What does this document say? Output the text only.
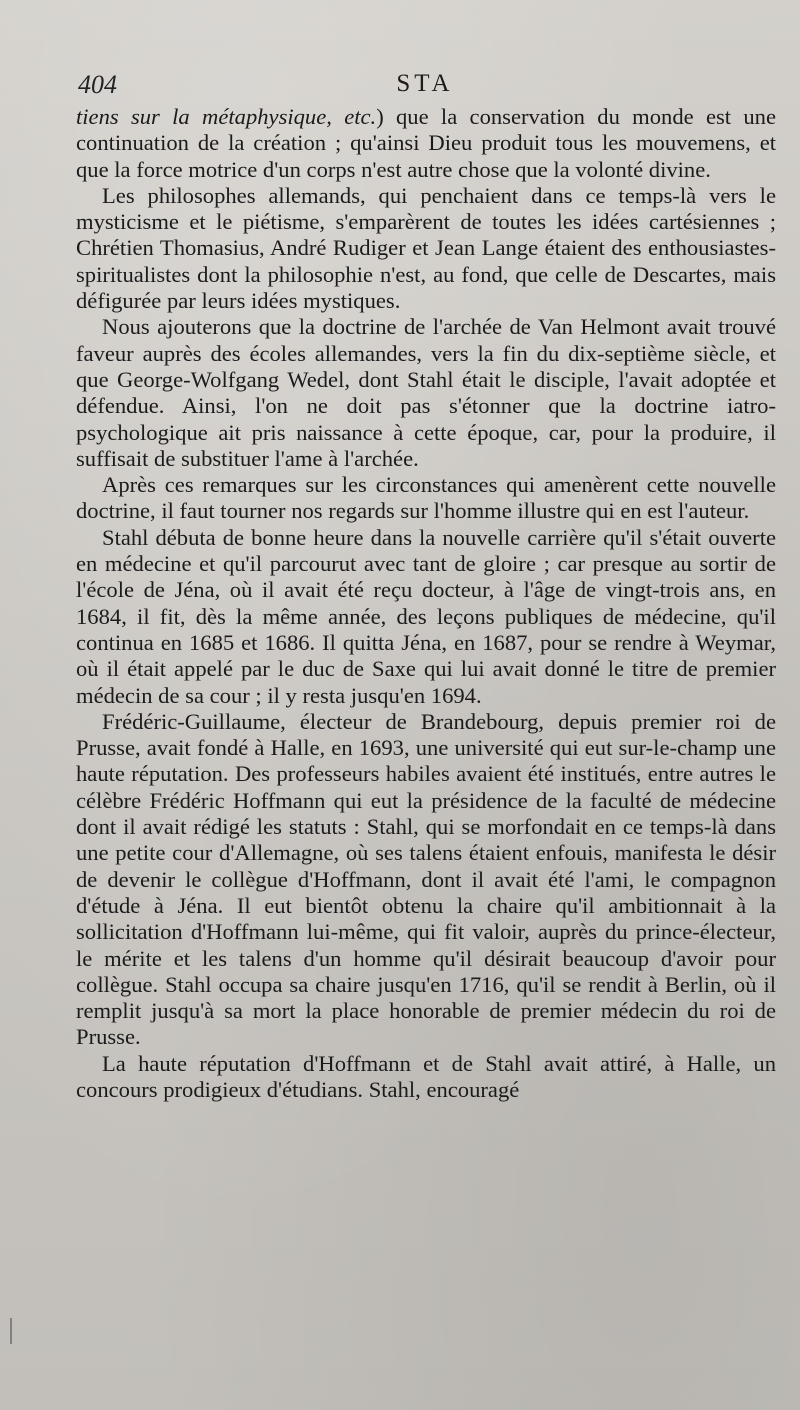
404	STA

tiens sur la métaphysique, etc.) que la conservation du monde est une continuation de la création ; qu'ainsi Dieu produit tous les mouvemens, et que la force motrice d'un corps n'est autre chose que la volonté divine.

Les philosophes allemands, qui penchaient dans ce temps-là vers le mysticisme et le piétisme, s'emparèrent de toutes les idées cartésiennes ; Chrétien Thomasius, André Rudiger et Jean Lange étaient des enthousiastes-spiritualistes dont la philosophie n'est, au fond, que celle de Descartes, mais défigurée par leurs idées mystiques.

Nous ajouterons que la doctrine de l'archée de Van Helmont avait trouvé faveur auprès des écoles allemandes, vers la fin du dix-septième siècle, et que George-Wolfgang Wedel, dont Stahl était le disciple, l'avait adoptée et défendue. Ainsi, l'on ne doit pas s'étonner que la doctrine iatro-psychologique ait pris naissance à cette époque, car, pour la produire, il suffisait de substituer l'ame à l'archée.

Après ces remarques sur les circonstances qui amenèrent cette nouvelle doctrine, il faut tourner nos regards sur l'homme illustre qui en est l'auteur.

Stahl débuta de bonne heure dans la nouvelle carrière qu'il s'était ouverte en médecine et qu'il parcourut avec tant de gloire ; car presque au sortir de l'école de Jéna, où il avait été reçu docteur, à l'âge de vingt-trois ans, en 1684, il fit, dès la même année, des leçons publiques de médecine, qu'il continua en 1685 et 1686. Il quitta Jéna, en 1687, pour se rendre à Weymar, où il était appelé par le duc de Saxe qui lui avait donné le titre de premier médecin de sa cour ; il y resta jusqu'en 1694.

Frédéric-Guillaume, électeur de Brandebourg, depuis premier roi de Prusse, avait fondé à Halle, en 1693, une université qui eut sur-le-champ une haute réputation. Des professeurs habiles avaient été institués, entre autres le célèbre Frédéric Hoffmann qui eut la présidence de la faculté de médecine dont il avait rédigé les statuts : Stahl, qui se morfondait en ce temps-là dans une petite cour d'Allemagne, où ses talens étaient enfouis, manifesta le désir de devenir le collègue d'Hoffmann, dont il avait été l'ami, le compagnon d'étude à Jéna. Il eut bientôt obtenu la chaire qu'il ambitionnait à la sollicitation d'Hoffmann lui-même, qui fit valoir, auprès du prince-électeur, le mérite et les talens d'un homme qu'il désirait beaucoup d'avoir pour collègue. Stahl occupa sa chaire jusqu'en 1716, qu'il se rendit à Berlin, où il remplit jusqu'à sa mort la place honorable de premier médecin du roi de Prusse.

La haute réputation d'Hoffmann et de Stahl avait attiré, à Halle, un concours prodigieux d'étudians. Stahl, encouragé
